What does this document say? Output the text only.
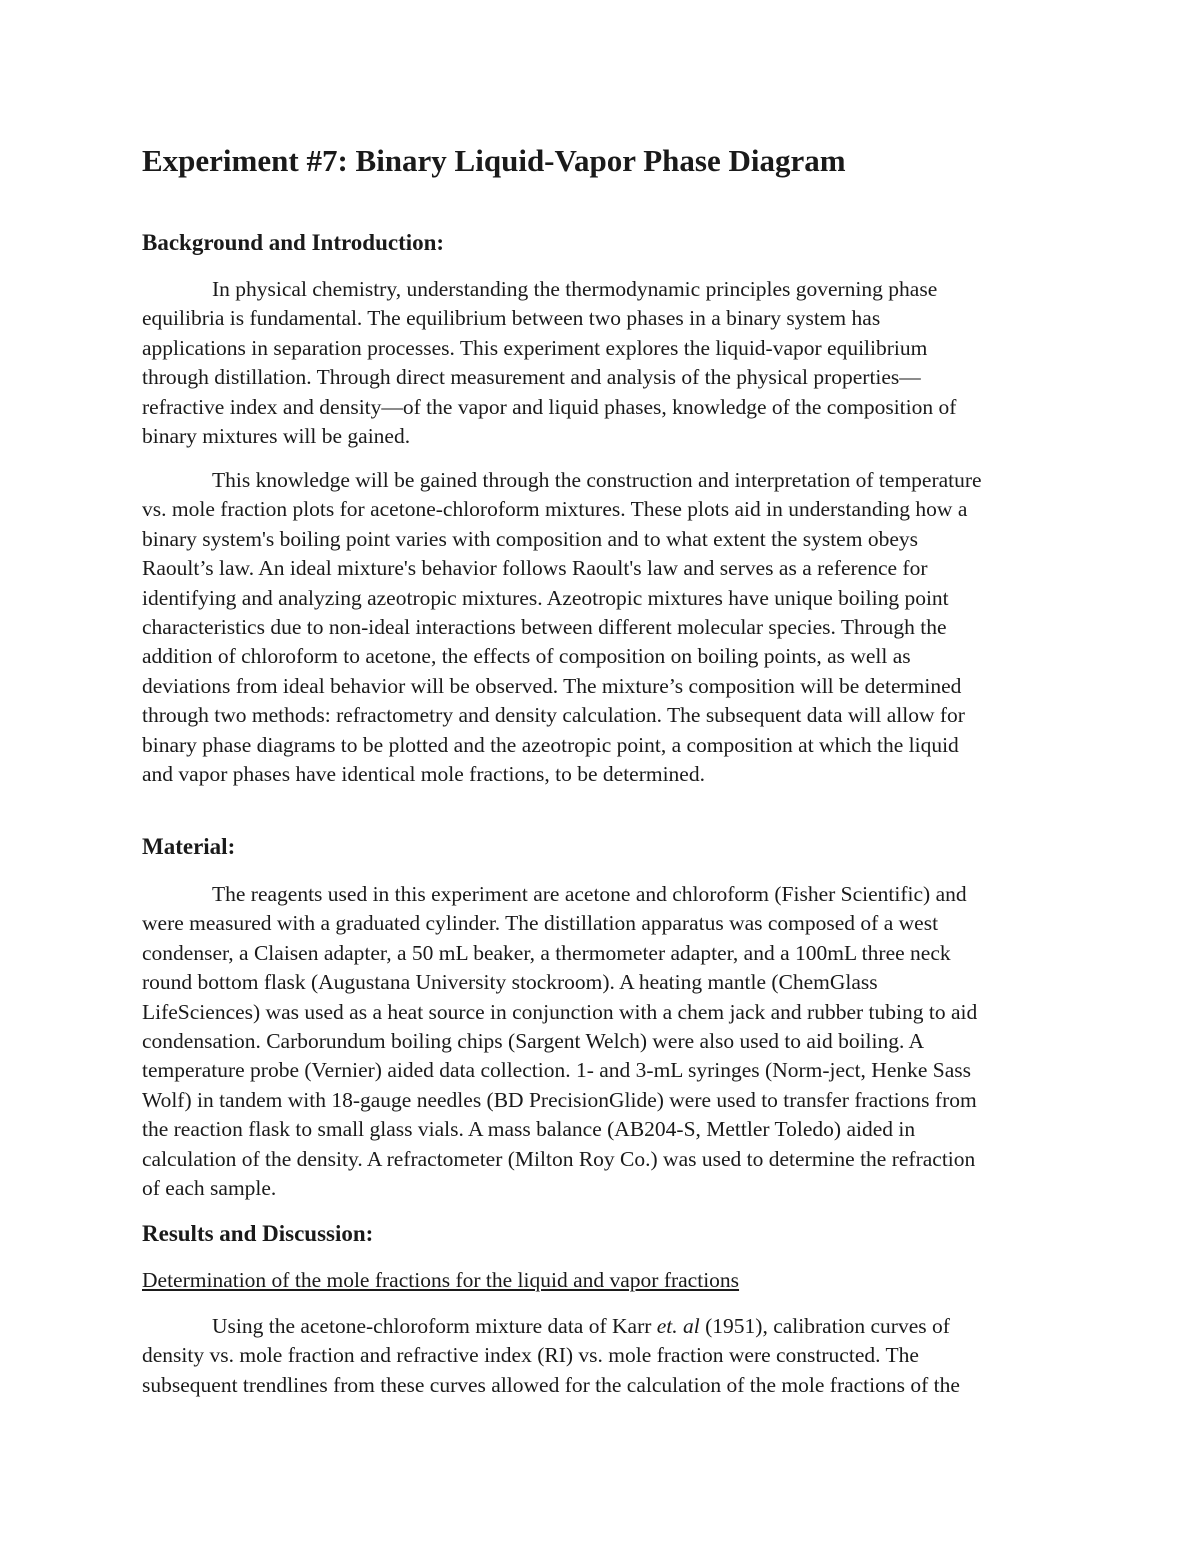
Experiment #7: Binary Liquid-Vapor Phase Diagram
Background and Introduction:

In physical chemistry, understanding the thermodynamic principles governing phase
equilibria is fundamental. The equilibrium between two phases in a binary system has
applications in separation processes. This experiment explores the liquid-vapor equilibrium
through distillation. Through direct measurement and analysis of the physical properties—
refractive index and density—of the vapor and liquid phases, knowledge of the composition of
binary mixtures will be gained.

This knowledge will be gained through the construction and interpretation of temperature
vs. mole fraction plots for acetone-chloroform mixtures. These plots aid in understanding how a
binary system's boiling point varies with composition and to what extent the system obeys
Raoult’s law. An ideal mixture's behavior follows Raoult's law and serves as a reference for
identifying and analyzing azeotropic mixtures. Azeotropic mixtures have unique boiling point
characteristics due to non-ideal interactions between different molecular species. Through the
addition of chloroform to acetone, the effects of composition on boiling points, as well as
deviations from ideal behavior will be observed. The mixture’s composition will be determined
through two methods: refractometry and density calculation. The subsequent data will allow for
binary phase diagrams to be plotted and the azeotropic point, a composition at which the liquid
and vapor phases have identical mole fractions, to be determined.

Material:

The reagents used in this experiment are acetone and chloroform (Fisher Scientific) and
were measured with a graduated cylinder. The distillation apparatus was composed of a west
condenser, a Claisen adapter, a 50 mL beaker, a thermometer adapter, and a 100mL three neck
round bottom flask (Augustana University stockroom). A heating mantle (ChemGlass
LifeSciences) was used as a heat source in conjunction with a chem jack and rubber tubing to aid
condensation. Carborundum boiling chips (Sargent Welch) were also used to aid boiling. A
temperature probe (Vernier) aided data collection. 1- and 3-mL syringes (Norm-ject, Henke Sass
Wolf) in tandem with 18-gauge needles (BD PrecisionGlide) were used to transfer fractions from
the reaction flask to small glass vials. A mass balance (AB204-S, Mettler Toledo) aided in
calculation of the density. A refractometer (Milton Roy Co.) was used to determine the refraction
of each sample.

Results and Discussion:

Determination of the mole fractions for the liquid and vapor fractions

Using the acetone-chloroform mixture data of Karr et. al (1951), calibration curves of
density vs. mole fraction and refractive index (RI) vs. mole fraction were constructed. The
subsequent trendlines from these curves allowed for the calculation of the mole fractions of the
